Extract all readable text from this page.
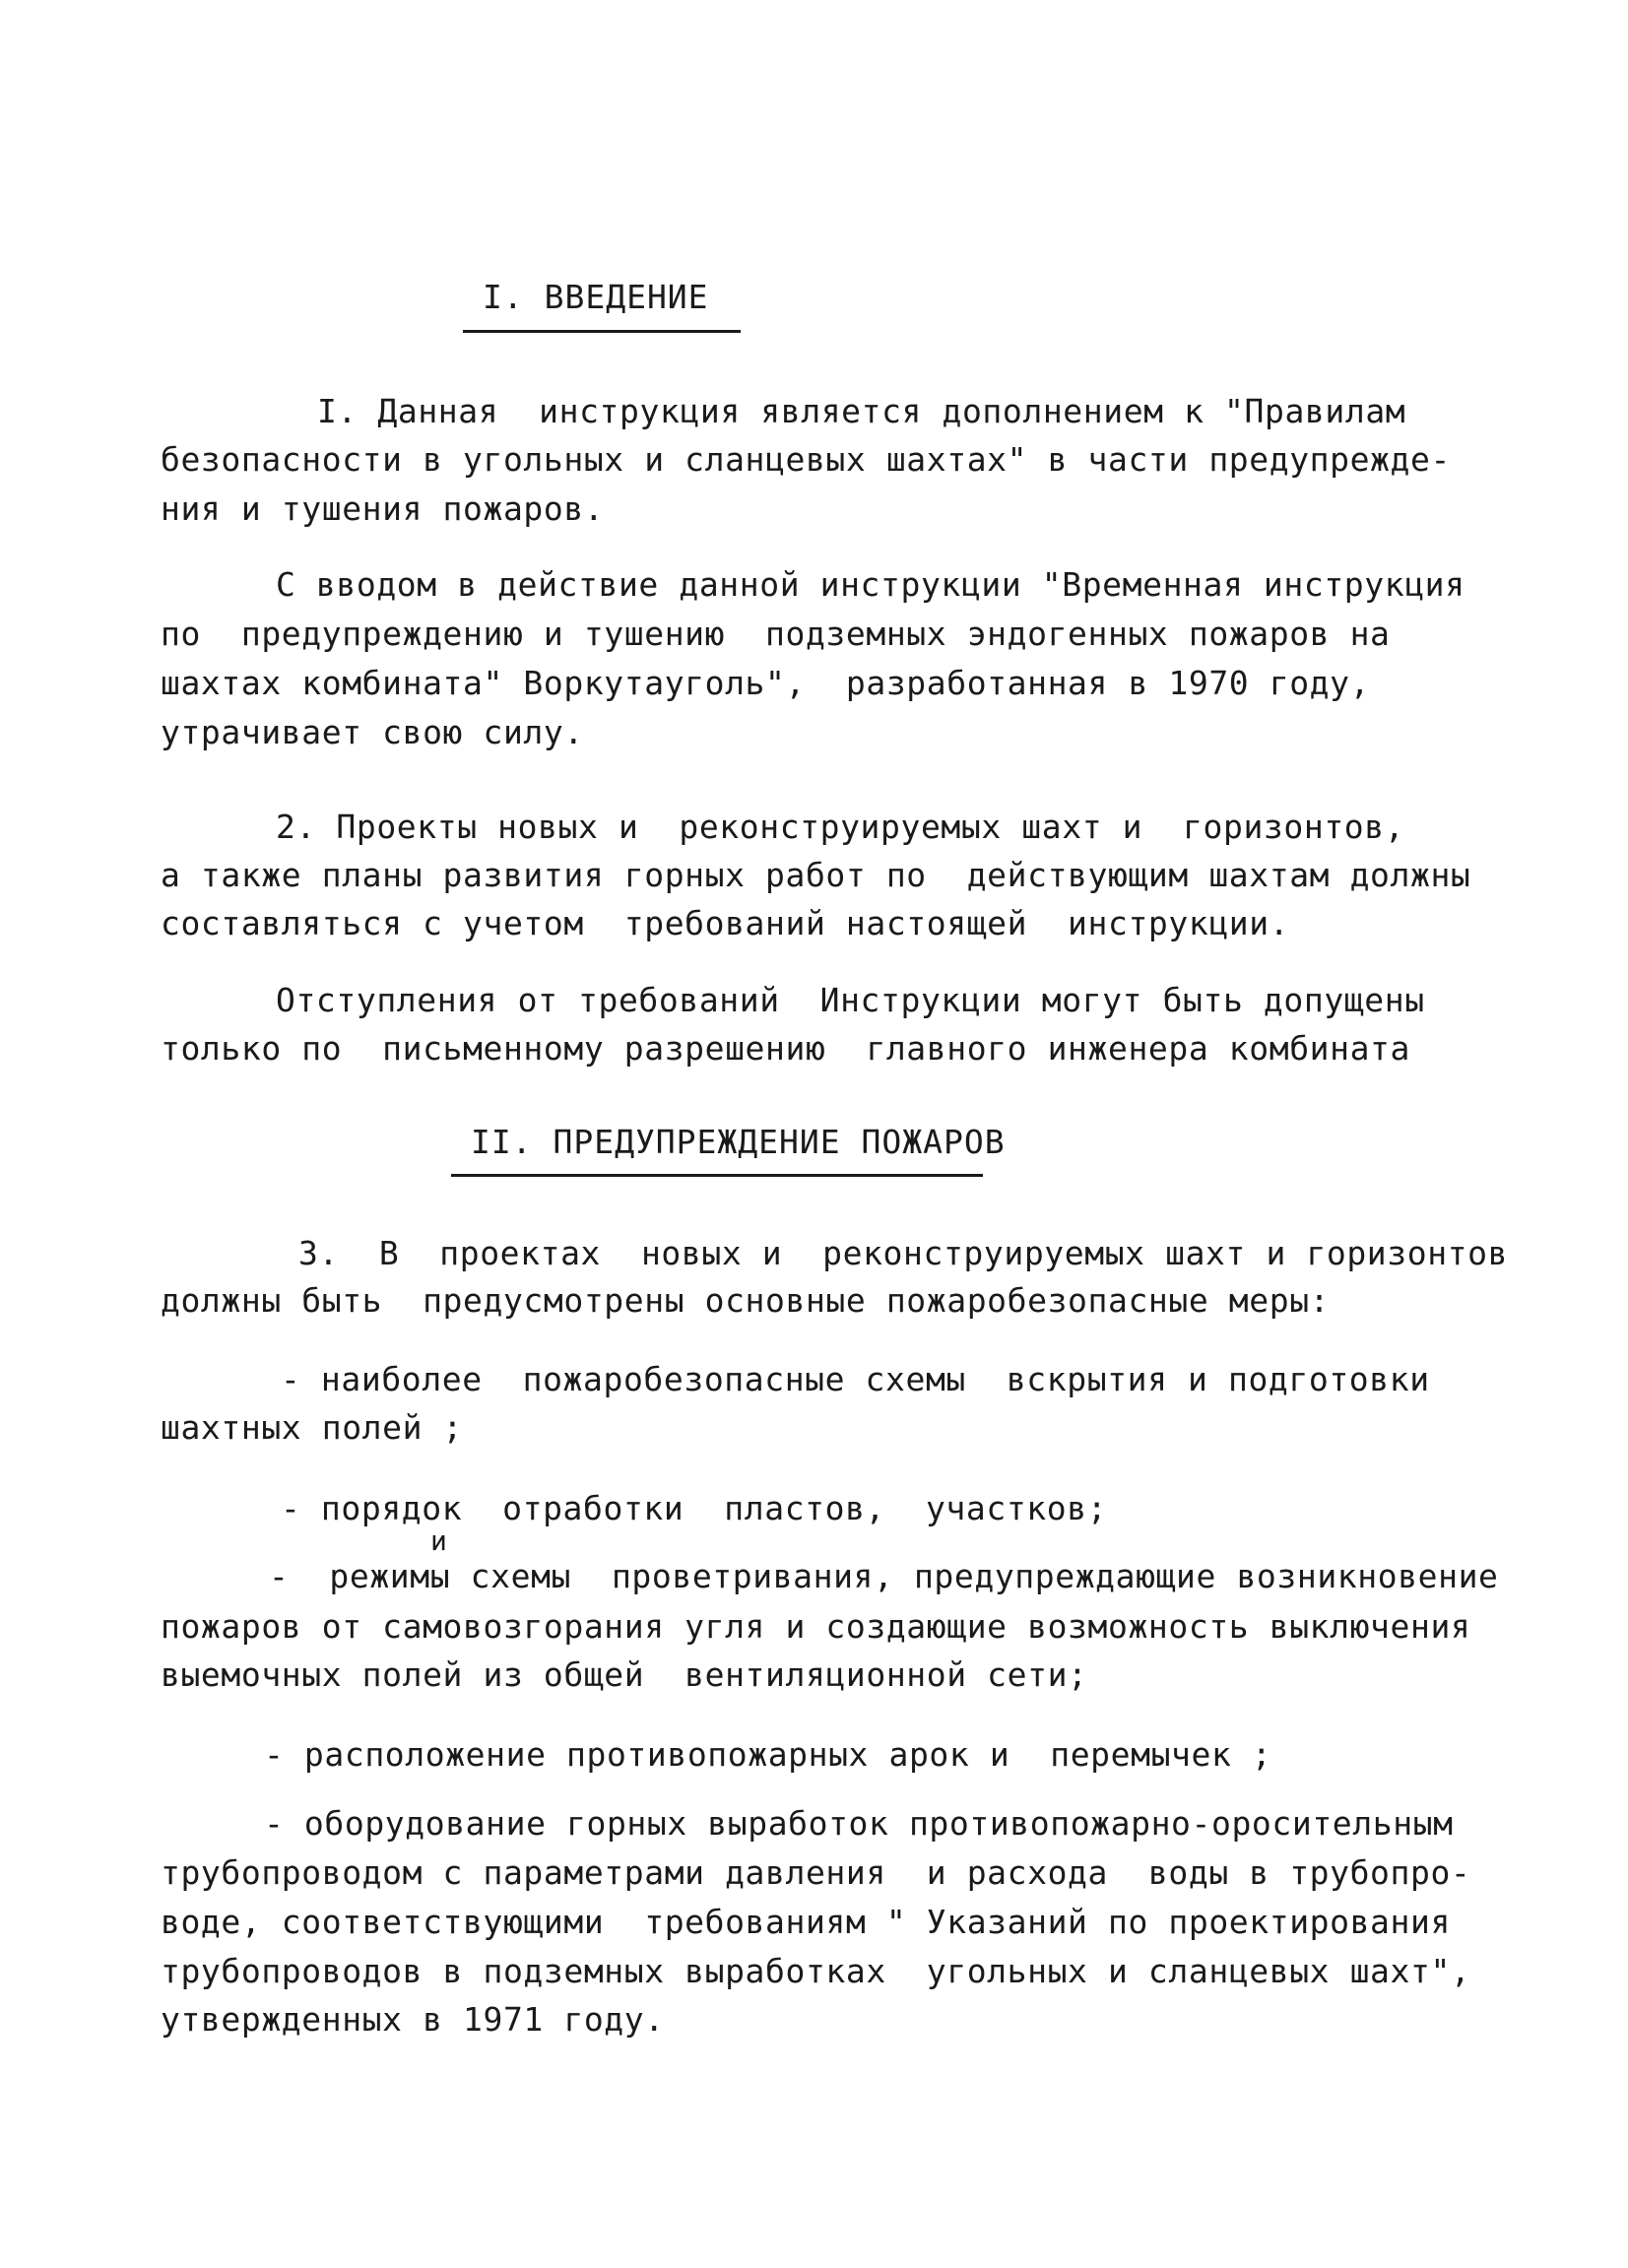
I. ВВЕДЕНИЕ
I. Данная  инструкция является дополнением к "Правилам
безопасности в угольных и сланцевых шахтах" в части предупрежде-
ния и тушения пожаров.
С вводом в действие данной инструкции "Временная инструкция
по  предупреждению и тушению  подземных эндогенных пожаров на
шахтах комбината" Воркутауголь",  разработанная в 1970 году,
утрачивает свою силу.
2. Проекты новых и  реконструируемых шахт и  горизонтов,
а также планы развития горных работ по  действующим шахтам должны
составляться с учетом  требований настоящей  инструкции.
Отступления от требований  Инструкции могут быть допущены
только по  письменному разрешению  главного инженера комбината
II. ПРЕДУПРЕЖДЕНИЕ ПОЖАРОВ
3.  В  проектах  новых и  реконструируемых шахт и горизонтов
должны быть  предусмотрены основные пожаробезопасные меры:
- наиболее  пожаробезопасные схемы  вскрытия и подготовки
шахтных полей ;
- порядок  отработки  пластов,  участков;
и
-  режимы схемы  проветривания, предупреждающие возникновение
пожаров от самовозгорания угля и создающие возможность выключения
выемочных полей из общей  вентиляционной сети;
- расположение противопожарных арок и  перемычек ;
- оборудование горных выработок противопожарно-оросительным
трубопроводом с параметрами давления  и расхода  воды в трубопро-
воде, соответствующими  требованиям " Указаний по проектирования
трубопроводов в подземных выработках  угольных и сланцевых шахт",
утвержденных в 1971 году.
